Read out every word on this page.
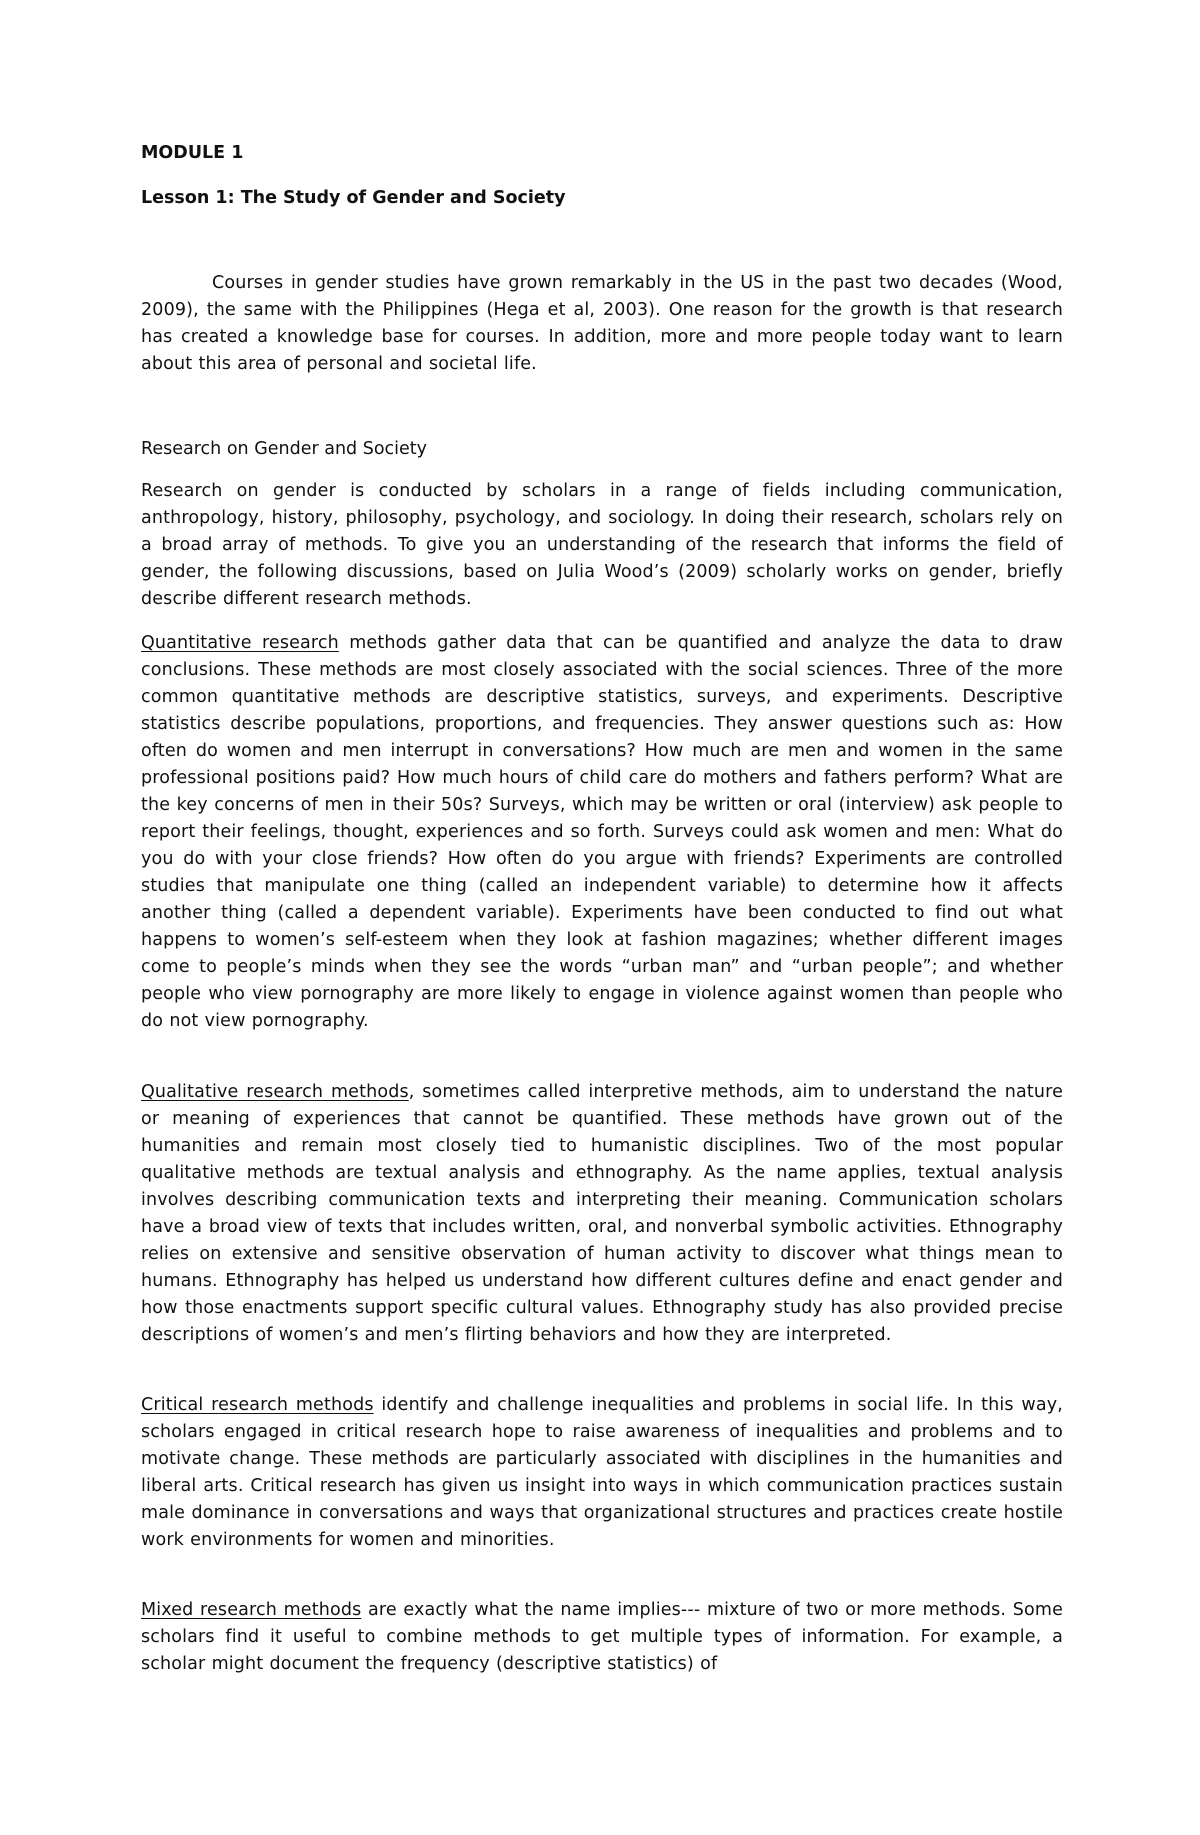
MODULE 1
Lesson 1: The Study of Gender and Society

Courses in gender studies have grown remarkably in the US in the past two decades (Wood, 2009), the same with the Philippines (Hega et al, 2003). One reason for the growth is that research has created a knowledge base for courses. In addition, more and more people today want to learn about this area of personal and societal life.

Research on Gender and Society

Research on gender is conducted by scholars in a range of fields including communication, anthropology, history, philosophy, psychology, and sociology. In doing their research, scholars rely on a broad array of methods. To give you an understanding of the research that informs the field of gender, the following discussions, based on Julia Wood’s (2009) scholarly works on gender, briefly describe different research methods.

Quantitative research methods gather data that can be quantified and analyze the data to draw conclusions. These methods are most closely associated with the social sciences. Three of the more common quantitative methods are descriptive statistics, surveys, and experiments. Descriptive statistics describe populations, proportions, and frequencies. They answer questions such as: How often do women and men interrupt in conversations? How much are men and women in the same professional positions paid? How much hours of child care do mothers and fathers perform? What are the key concerns of men in their 50s? Surveys, which may be written or oral (interview) ask people to report their feelings, thought, experiences and so forth. Surveys could ask women and men: What do you do with your close friends? How often do you argue with friends? Experiments are controlled studies that manipulate one thing (called an independent variable) to determine how it affects another thing (called a dependent variable). Experiments have been conducted to find out what happens to women’s self-esteem when they look at fashion magazines; whether different images come to people’s minds when they see the words “urban man” and “urban people”; and whether people who view pornography are more likely to engage in violence against women than people who do not view pornography.

Qualitative research methods, sometimes called interpretive methods, aim to understand the nature or meaning of experiences that cannot be quantified. These methods have grown out of the humanities and remain most closely tied to humanistic disciplines. Two of the most popular qualitative methods are textual analysis and ethnography. As the name applies, textual analysis involves describing communication texts and interpreting their meaning. Communication scholars have a broad view of texts that includes written, oral, and nonverbal symbolic activities. Ethnography relies on extensive and sensitive observation of human activity to discover what things mean to humans. Ethnography has helped us understand how different cultures define and enact gender and how those enactments support specific cultural values. Ethnography study has also provided precise descriptions of women’s and men’s flirting behaviors and how they are interpreted.

Critical research methods identify and challenge inequalities and problems in social life. In this way, scholars engaged in critical research hope to raise awareness of inequalities and problems and to motivate change. These methods are particularly associated with disciplines in the humanities and liberal arts. Critical research has given us insight into ways in which communication practices sustain male dominance in conversations and ways that organizational structures and practices create hostile work environments for women and minorities.

Mixed research methods are exactly what the name implies--- mixture of two or more methods. Some scholars find it useful to combine methods to get multiple types of information. For example, a scholar might document the frequency (descriptive statistics) of
